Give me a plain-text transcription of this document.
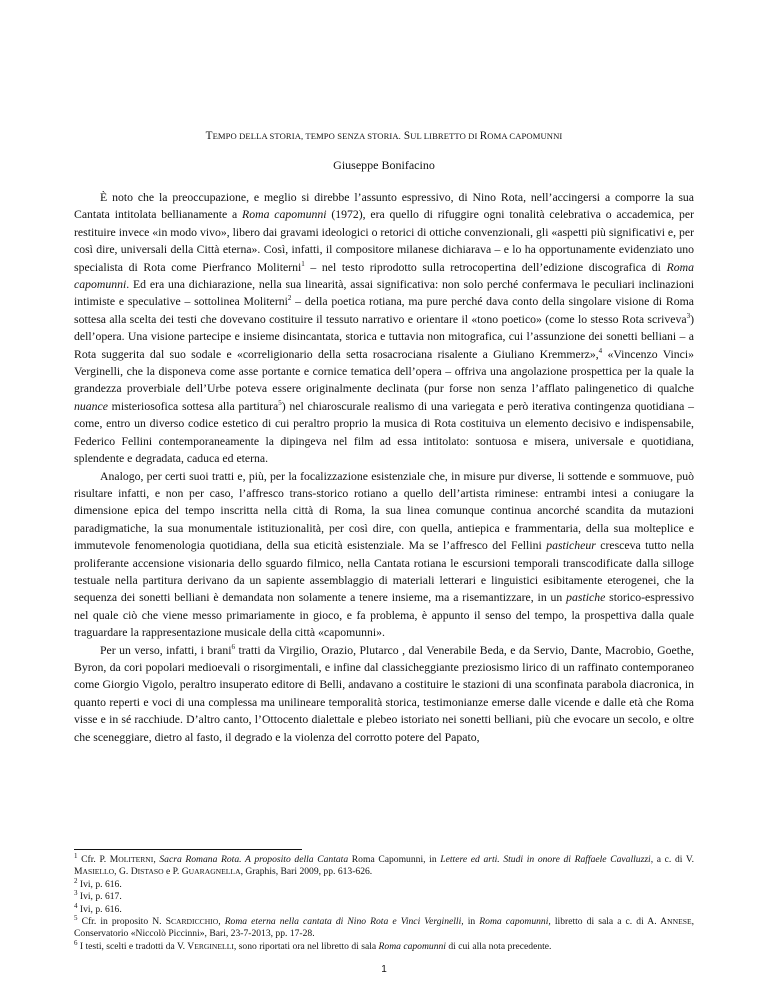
TEMPO DELLA STORIA, TEMPO SENZA STORIA. SUL LIBRETTO DI ROMA CAPOMUNNI
Giuseppe Bonifacino

È noto che la preoccupazione, e meglio si direbbe l’assunto espressivo, di Nino Rota, nell’accingersi a comporre la sua Cantata intitolata bellianamente a Roma capomunni (1972), era quello di rifuggire ogni tonalità celebrativa o accademica, per restituire invece «in modo vivo», libero dai gravami ideologici o retorici di ottiche convenzionali, gli «aspetti più significativi e, per così dire, universali della Città eterna». Così, infatti, il compositore milanese dichiarava – e lo ha opportunamente evidenziato uno specialista di Rota come Pierfranco Moliterni$^1$ – nel testo riprodotto sulla retrocopertina dell’edizione discografica di Roma capomunni. Ed era una dichiarazione, nella sua linearità, assai significativa: non solo perché confermava le peculiari inclinazioni intimiste e speculative – sottolinea Moliterni$^2$ – della poetica rotiana, ma pure perché dava conto della singolare visione di Roma sottesa alla scelta dei testi che dovevano costituire il tessuto narrativo e orientare il «tono poetico» (come lo stesso Rota scriveva$^3$) dell’opera. Una visione partecipe e insieme disincantata, storica e tuttavia non mitografica, cui l’assunzione dei sonetti belliani – a Rota suggerita dal suo sodale e «correligionario della setta rosacrociana risalente a Giuliano Kremmerz»,$^4$ «Vincenzo Vinci» Verginelli, che la disponeva come asse portante e cornice tematica dell’opera – offriva una angolazione prospettica per la quale la grandezza proverbiale dell’Urbe poteva essere originalmente declinata (pur forse non senza l’afflato palingenetico di qualche nuance misteriosofica sottesa alla partitura$^5$) nel chiaroscurale realismo di una variegata e però iterativa contingenza quotidiana – come, entro un diverso codice estetico di cui peraltro proprio la musica di Rota costituiva un elemento decisivo e indispensabile, Federico Fellini contemporaneamente la dipingeva nel film ad essa intitolato: sontuosa e misera, universale e quotidiana, splendente e degradata, caduca ed eterna.

Analogo, per certi suoi tratti e, più, per la focalizzazione esistenziale che, in misure pur diverse, li sottende e sommuove, può risultare infatti, e non per caso, l’affresco trans-storico rotiano a quello dell’artista riminese: entrambi intesi a coniugare la dimensione epica del tempo inscritta nella città di Roma, la sua linea comunque continua ancorché scandita da mutazioni paradigmatiche, la sua monumentale istituzionalità, per così dire, con quella, antiepica e frammentaria, della sua molteplice e immutevole fenomenologia quotidiana, della sua eticità esistenziale. Ma se l’affresco del Fellini pasticheur cresceva tutto nella proliferante accensione visionaria dello sguardo filmico, nella Cantata rotiana le escursioni temporali transcodificate dalla silloge testuale nella partitura derivano da un sapiente assemblaggio di materiali letterari e linguistici esibitamente eterogenei, che la sequenza dei sonetti belliani è demandata non solamente a tenere insieme, ma a risemantizzare, in un pastiche storico-espressivo nel quale ciò che viene messo primariamente in gioco, e fa problema, è appunto il senso del tempo, la prospettiva dalla quale traguardare la rappresentazione musicale della città «capomunni».

Per un verso, infatti, i brani$^6$ tratti da Virgilio, Orazio, Plutarco , dal Venerabile Beda, e da Servio, Dante, Macrobio, Goethe, Byron, da cori popolari medioevali o risorgimentali, e infine dal classicheggiante preziosismo lirico di un raffinato contemporaneo come Giorgio Vigolo, peraltro insuperato editore di Belli, andavano a costituire le stazioni di una sconfinata parabola diacronica, in quanto reperti e voci di una complessa ma unilineare temporalità storica, testimonianze emerse dalle vicende e dalle età che Roma visse e in sé racchiude. D’altro canto, l’Ottocento dialettale e plebeo istoriato nei sonetti belliani, più che evocare un secolo, e oltre che sceneggiare, dietro al fasto, il degrado e la violenza del corrotto potere del Papato,

$^1$ Cfr. P. MOLITERNI, Sacra Romana Rota. A proposito della Cantata Roma Capomunni, in Lettere ed arti. Studi in onore di Raffaele Cavalluzzi, a c. di V. MASIELLO, G. DISTASO e P. GUARAGNELLA, Graphis, Bari 2009, pp. 613-626.

$^2$ Ivi, p. 616.

$^3$ Ivi, p. 617.

$^4$ Ivi, p. 616.

$^5$ Cfr. in proposito N. SCARDICCHIO, Roma eterna nella cantata di Nino Rota e Vinci Verginelli, in Roma capomunni, libretto di sala a c. di A. ANNESE, Conservatorio «Niccolò Piccinni», Bari, 23-7-2013, pp. 17-28.

$^6$ I testi, scelti e tradotti da V. VERGINELLI, sono riportati ora nel libretto di sala Roma capomunni di cui alla nota precedente.

1
